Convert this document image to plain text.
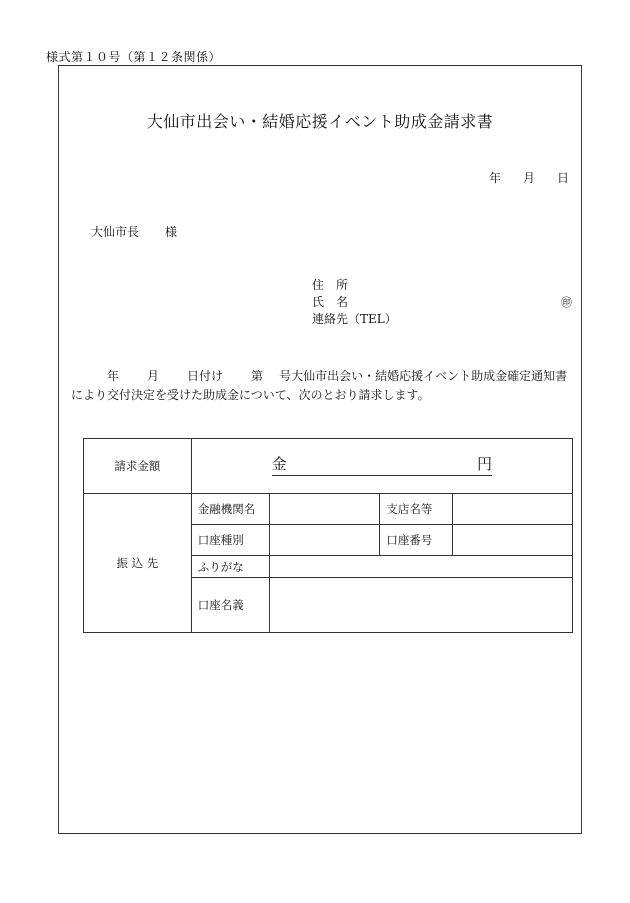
様式第１０号（第１２条関係）
大仙市出会い・結婚応援イベント助成金請求書
年 月 日
大仙市長 様
住　所
氏　名
連絡先（TEL）
㊞
年 月 日付け 第 号大仙市出会い・結婚応援イベント助成金確定通知書
により交付決定を受けた助成金について、次のとおり請求します。
請求金額	金 円			

振 込 先	金融機関名		支店名等	
	口座種別		口座番号	
	ふりがな			
	口座名義			
